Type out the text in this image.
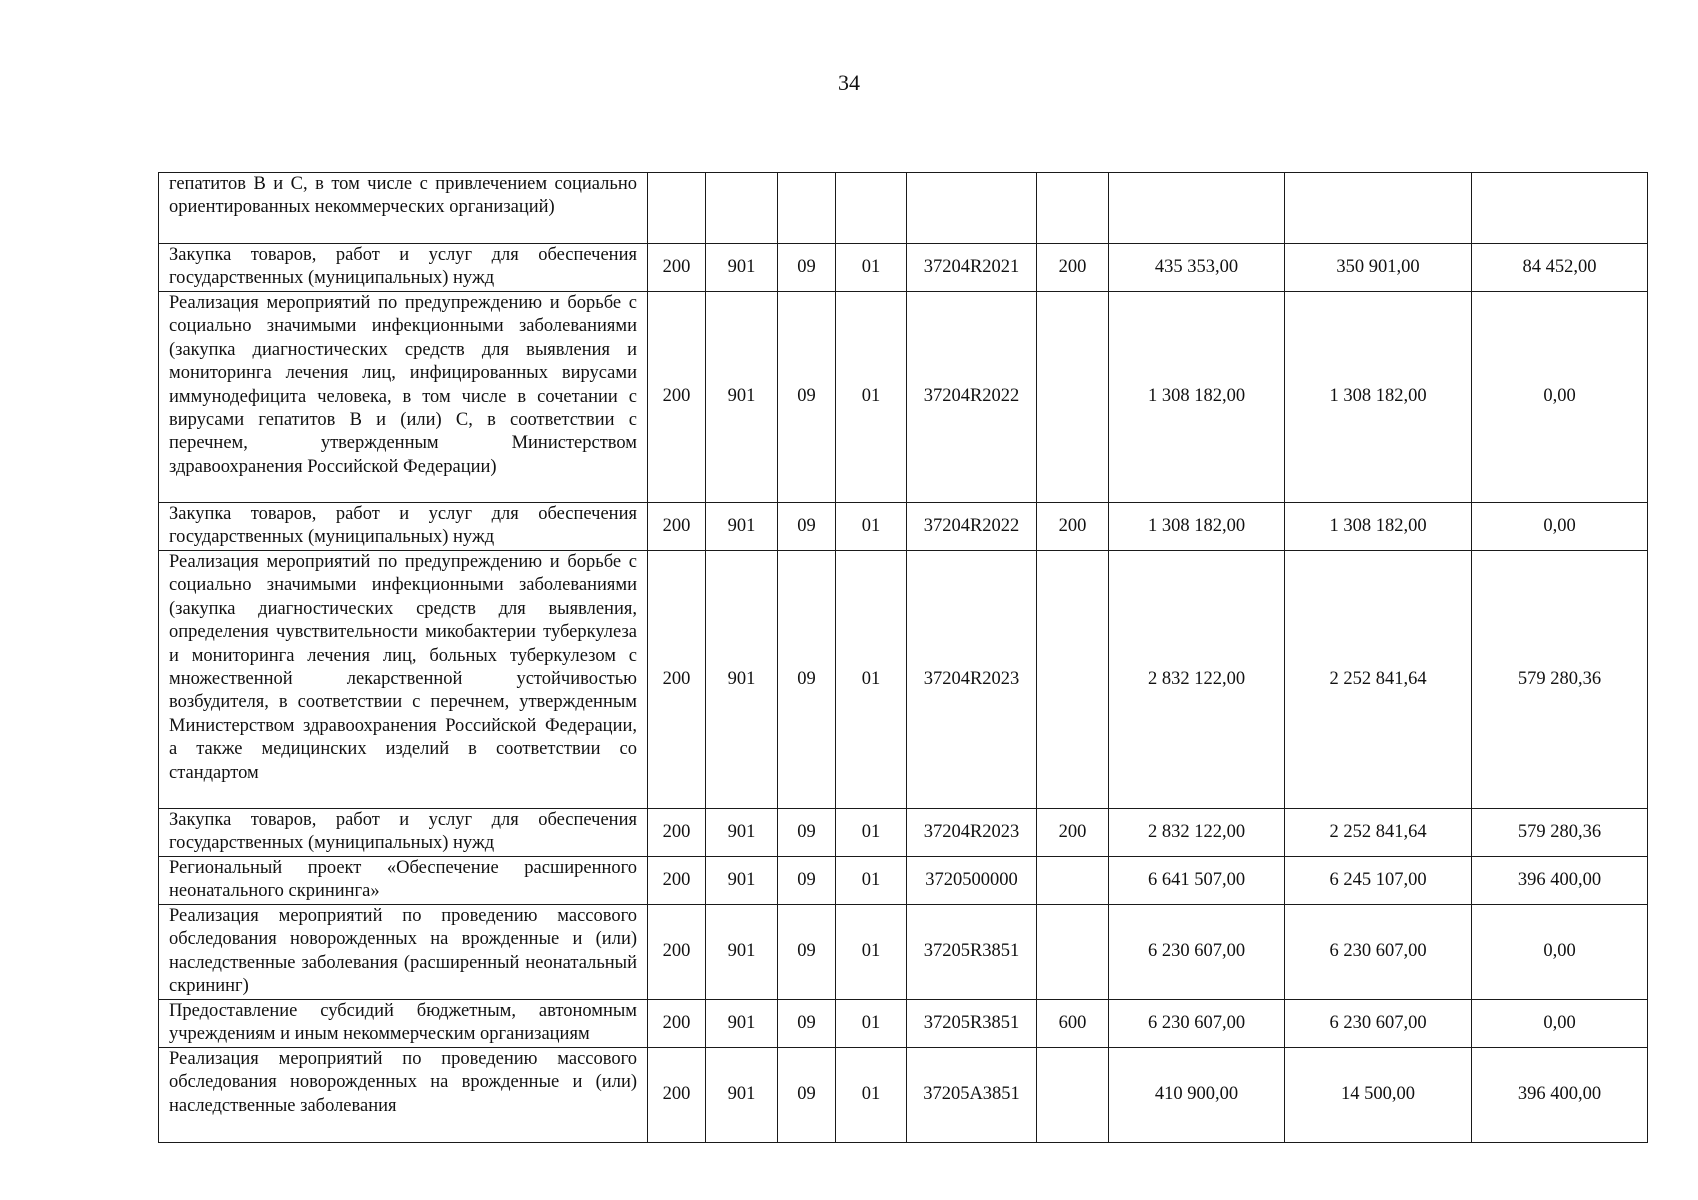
34
гепатитов В и С, в том числе с привлечением социально ориентированных некоммерческих организаций)									
Закупка товаров, работ и услуг для обеспечения государственных (муниципальных) нужд	200	901	09	01	37204R2021	200	435 353,00	350 901,00	84 452,00
Реализация мероприятий по предупреждению и борьбе с социально значимыми инфекционными заболеваниями (закупка диагностических средств для выявления и мониторинга лечения лиц, инфицированных вирусами иммунодефицита человека, в том числе в сочетании с вирусами гепатитов В и (или) С, в соответствии с перечнем, утвержденным Министерством здравоохранения Российской Федерации)	200	901	09	01	37204R2022		1 308 182,00	1 308 182,00	0,00
Закупка товаров, работ и услуг для обеспечения государственных (муниципальных) нужд	200	901	09	01	37204R2022	200	1 308 182,00	1 308 182,00	0,00
Реализация мероприятий по предупреждению и борьбе с социально значимыми инфекционными заболеваниями (закупка диагностических средств для выявления, определения чувствительности микобактерии туберкулеза и мониторинга лечения лиц, больных туберкулезом с множественной лекарственной устойчивостью возбудителя, в соответствии с перечнем, утвержденным Министерством здравоохранения Российской Федерации, а также медицинских изделий в соответствии со стандартом	200	901	09	01	37204R2023		2 832 122,00	2 252 841,64	579 280,36
Закупка товаров, работ и услуг для обеспечения государственных (муниципальных) нужд	200	901	09	01	37204R2023	200	2 832 122,00	2 252 841,64	579 280,36
Региональный проект «Обеспечение расширенного неонатального скрининга»	200	901	09	01	3720500000		6 641 507,00	6 245 107,00	396 400,00
Реализация мероприятий по проведению массового обследования новорожденных на врожденные и (или) наследственные заболевания (расширенный неонатальный скрининг)	200	901	09	01	37205R3851		6 230 607,00	6 230 607,00	0,00
Предоставление субсидий бюджетным, автономным учреждениям и иным некоммерческим организациям	200	901	09	01	37205R3851	600	6 230 607,00	6 230 607,00	0,00
Реализация мероприятий по проведению массового обследования новорожденных на врожденные и (или) наследственные заболевания	200	901	09	01	37205A3851		410 900,00	14 500,00	396 400,00
